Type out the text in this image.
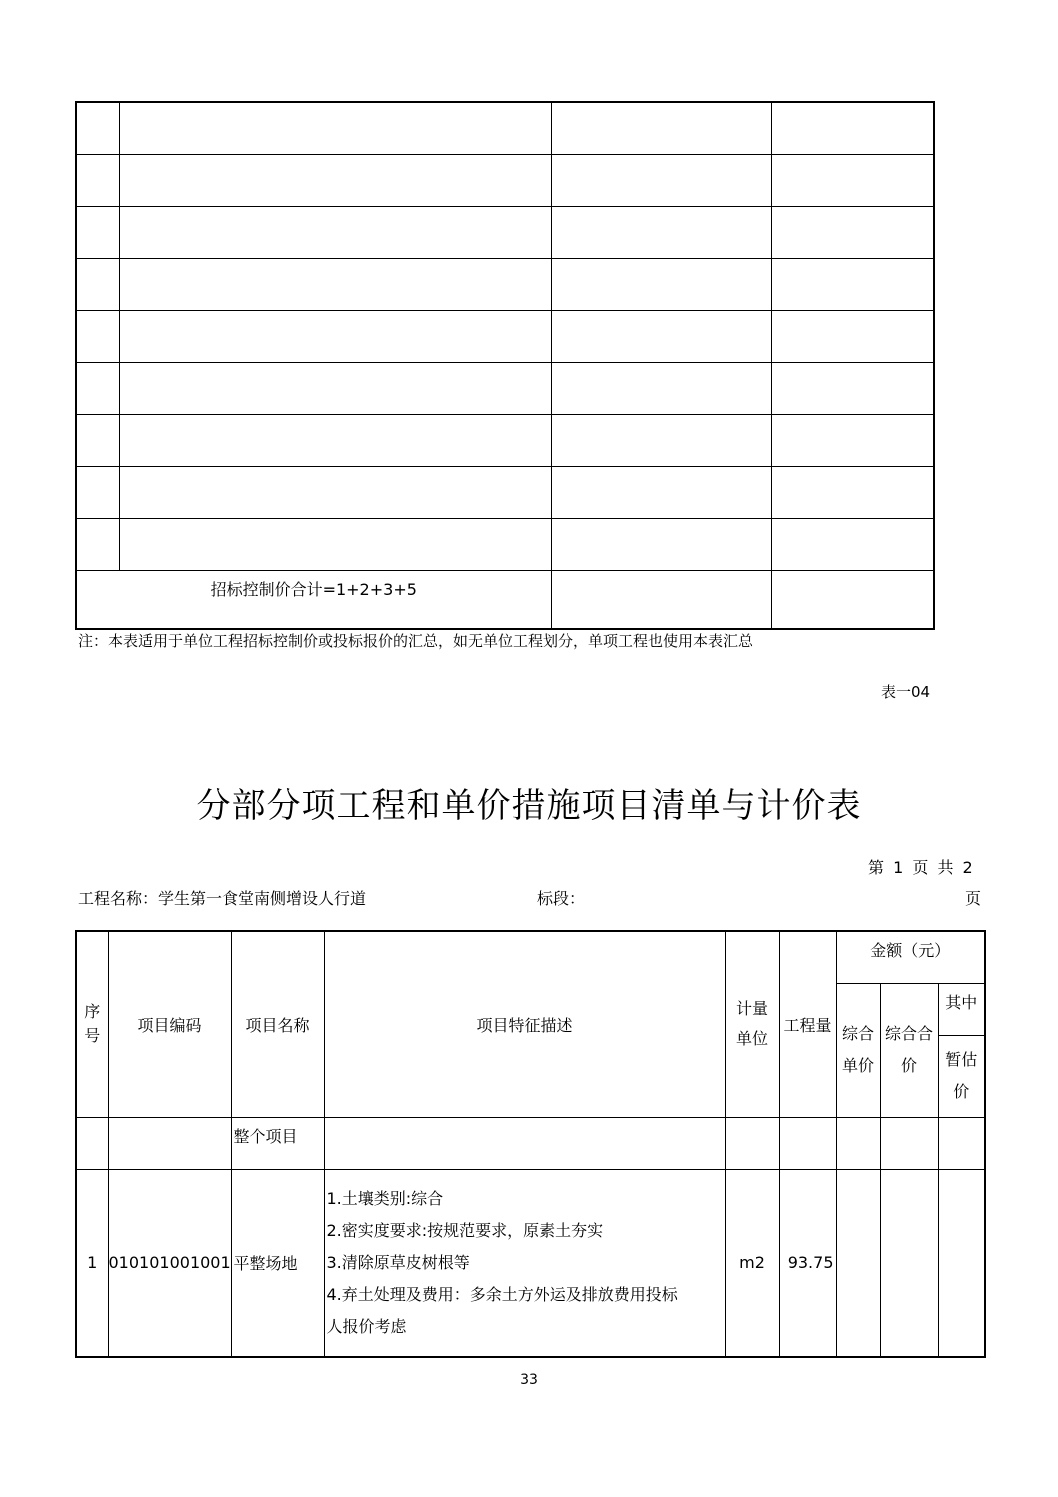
招标控制价合计=1+2+3+5			
注：本表适用于单位工程招标控制价或投标报价的汇总，如无单位工程划分，单项工程也使用本表汇总
表一04
分部分项工程和单价措施项目清单与计价表
第 1 页 共 2
工程名称：学生第一食堂南侧增设人行道	标段：	页
序号	项目编码	项目名称	项目特征描述	计量单位	工程量	金额（元）		
						综合单价	综合合价	其中
								暂估价
		整个项目						
1	010101001001	平整场地	1.土壤类别:综合
2.密实度要求:按规范要求，原素土夯实
3.清除原草皮树根等
4.弃土处理及费用：多余土方外运及排放费用投标
人报价考虑	m2	93.75			
33
